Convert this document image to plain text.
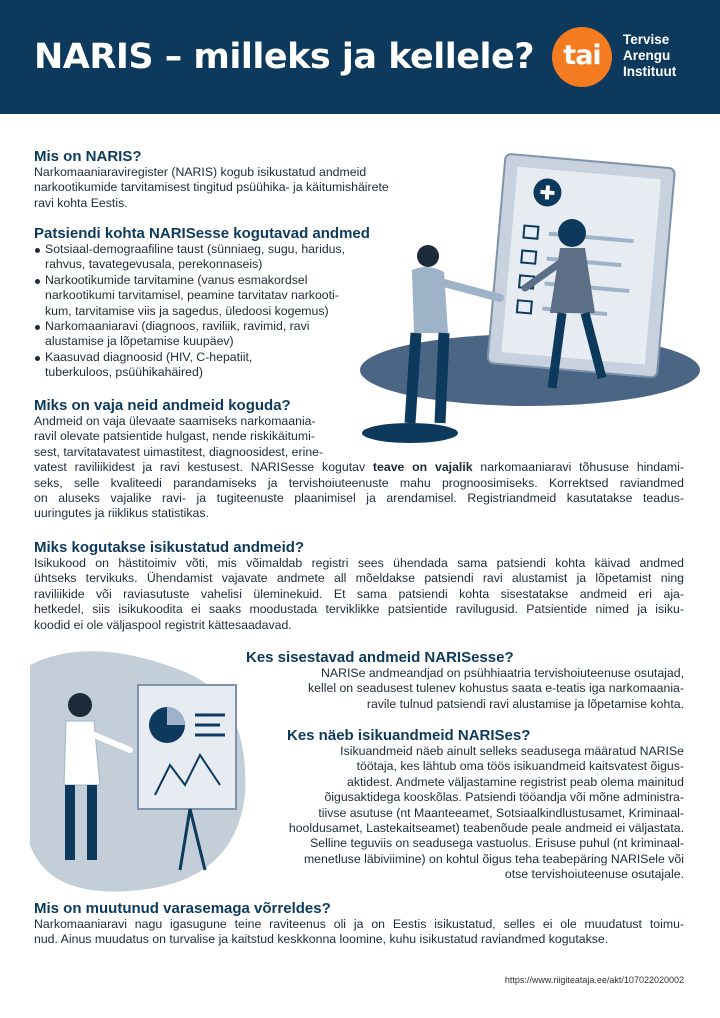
NARIS – milleks ja kellele?	tai
Tervise
Arengu
Instituut
Mis on NARIS?
Narkomaaniaraviregister (NARIS) kogub isikustatud andmeid
narkootikumide tarvitamisest tingitud psüühika- ja käitumishäirete
ravi kohta Eestis.
Patsiendi kohta NARISesse kogutavad andmed
Sotsiaal-demograafiline taust (sünniaeg, sugu, haridus,
rahvus, tavategevusala, perekonnaseis)
Narkootikumide tarvitamine (vanus esmakordsel
narkootikumi tarvitamisel, peamine tarvitatav narkooti-
kum, tarvitamise viis ja sagedus, üledoosi kogemus)
Narkomaaniaravi (diagnoos, raviliik, ravimid, ravi
alustamise ja lõpetamise kuupäev)
Kaasuvad diagnoosid (HIV, C-hepatiit,
tuberkuloos, psüühikahäired)
Miks on vaja neid andmeid koguda?
Andmeid on vaja ülevaate saamiseks narkomaania-
ravil olevate patsientide hulgast, nende riskikäitumi-
sest, tarvitatavatest uimastitest, diagnoosidest, erine-
vatest raviliikidest ja ravi kestusest. NARISesse kogutav teave on vajalik narkomaaniaravi tõhususe hindami-
seks, selle kvaliteedi parandamiseks ja tervishoiuteenuste mahu prognoosimiseks. Korrektsed raviandmed
on aluseks vajalike ravi- ja tugiteenuste plaanimisel ja arendamisel. Registriandmeid kasutatakse teadus-
uuringutes ja riiklikus statistikas.
Miks kogutakse isikustatud andmeid?
Isikukood on hästitoimiv võti, mis võimaldab registri sees ühendada sama patsiendi kohta käivad andmed
ühtseks tervikuks. Ühendamist vajavate andmete all mõeldakse patsiendi ravi alustamist ja lõpetamist ning
raviliikide või raviasutuste vahelisi üleminekuid. Et sama patsiendi kohta sisestatakse andmeid eri aja-
hetkedel, siis isikukoodita ei saaks moodustada terviklikke patsientide ravilugusid. Patsientide nimed ja isiku-
koodid ei ole väljaspool registrit kättesaadavad.
Kes sisestavad andmeid NARISesse?
NARISe andmeandjad on psühhiaatria tervishoiuteenuse osutajad,
kellel on seadusest tulenev kohustus saata e-teatis iga narkomaania-
ravile tulnud patsiendi ravi alustamise ja lõpetamise kohta.
Kes näeb isikuandmeid NARISes?
Isikuandmeid näeb ainult selleks seadusega määratud NARISe
töötaja, kes lähtub oma töös isikuandmeid kaitsvatest õigus-
aktidest. Andmete väljastamine registrist peab olema mainitud
õigusaktidega kooskõlas. Patsiendi tööandja või mõne administra-
tiivse asutuse (nt Maanteeamet, Sotsiaalkindlustusamet, Kriminaal-
hooldusamet, Lastekaitseamet) teabenõude peale andmeid ei väljastata.
Selline teguviis on seadusega vastuolus. Erisuse puhul (nt kriminaal-
menetluse läbiviimine) on kohtul õigus teha teabepäring NARISele või
otse tervishoiuteenuse osutajale.
Mis on muutunud varasemaga võrreldes?
Narkomaaniaravi nagu igasugune teine raviteenus oli ja on Eestis isikustatud, selles ei ole muudatust toimu-
nud. Ainus muudatus on turvalise ja kaitstud keskkonna loomine, kuhu isikustatud raviandmed kogutakse.
https://www.riigiteataja.ee/akt/107022020002
